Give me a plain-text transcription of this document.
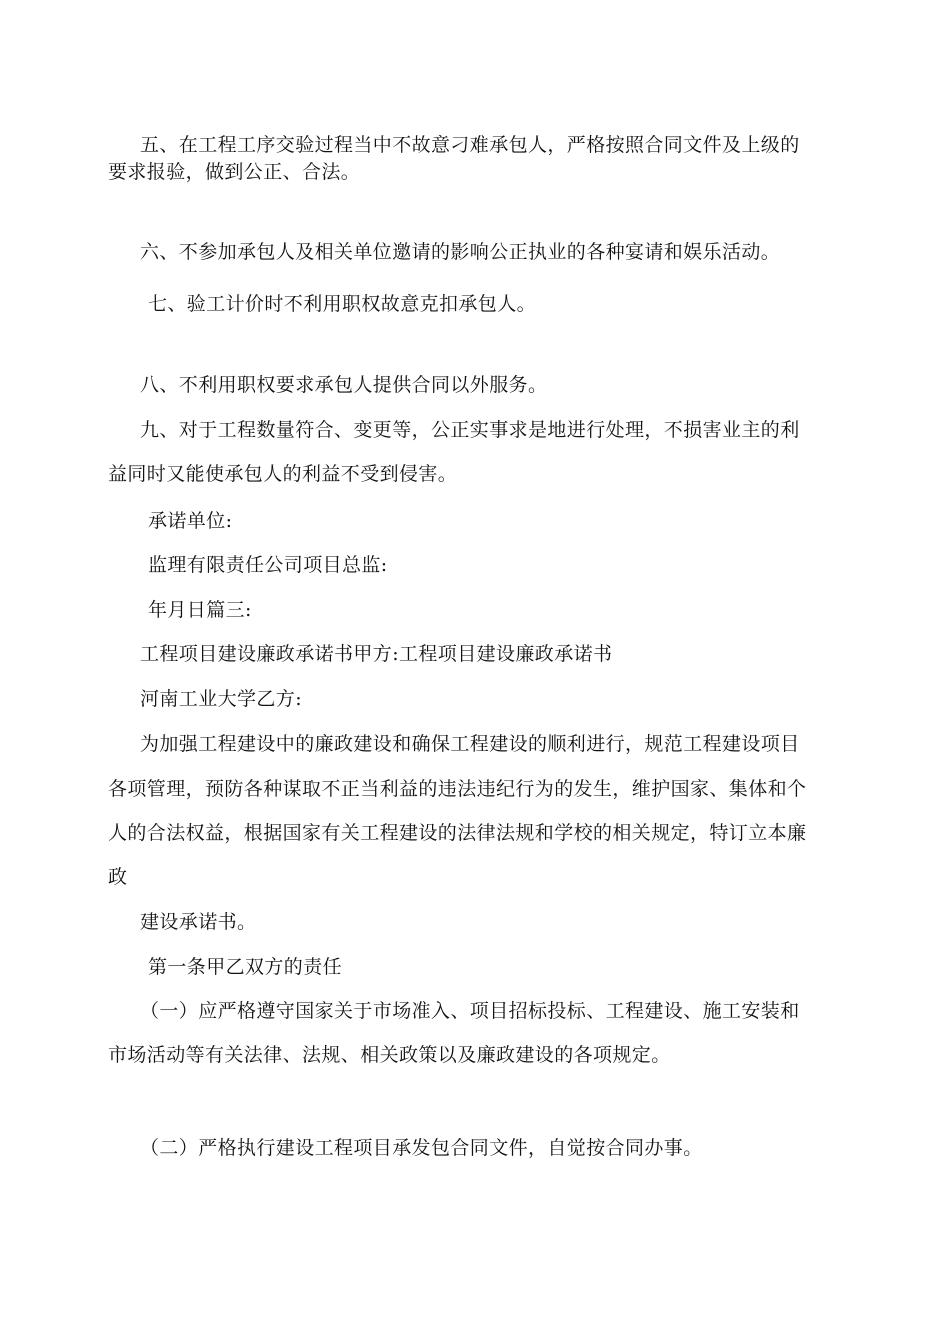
五、在工程工序交验过程当中不故意刁难承包人，严格按照合同文件及上级的
要求报验，做到公正、合法。
六、不参加承包人及相关单位邀请的影响公正执业的各种宴请和娱乐活动。
七、验工计价时不利用职权故意克扣承包人。
八、不利用职权要求承包人提供合同以外服务。
九、对于工程数量符合、变更等，公正实事求是地进行处理，不损害业主的利
益同时又能使承包人的利益不受到侵害。
承诺单位:
监理有限责任公司项目总监:
年月日篇三:
工程项目建设廉政承诺书甲方:工程项目建设廉政承诺书
河南工业大学乙方:
为加强工程建设中的廉政建设和确保工程建设的顺利进行，规范工程建设项目
各项管理，预防各种谋取不正当利益的违法违纪行为的发生，维护国家、集体和个
人的合法权益，根据国家有关工程建设的法律法规和学校的相关规定，特订立本廉
政
建设承诺书。
第一条甲乙双方的责任
（一）应严格遵守国家关于市场准入、项目招标投标、工程建设、施工安装和
市场活动等有关法律、法规、相关政策以及廉政建设的各项规定。
（二）严格执行建设工程项目承发包合同文件，自觉按合同办事。
